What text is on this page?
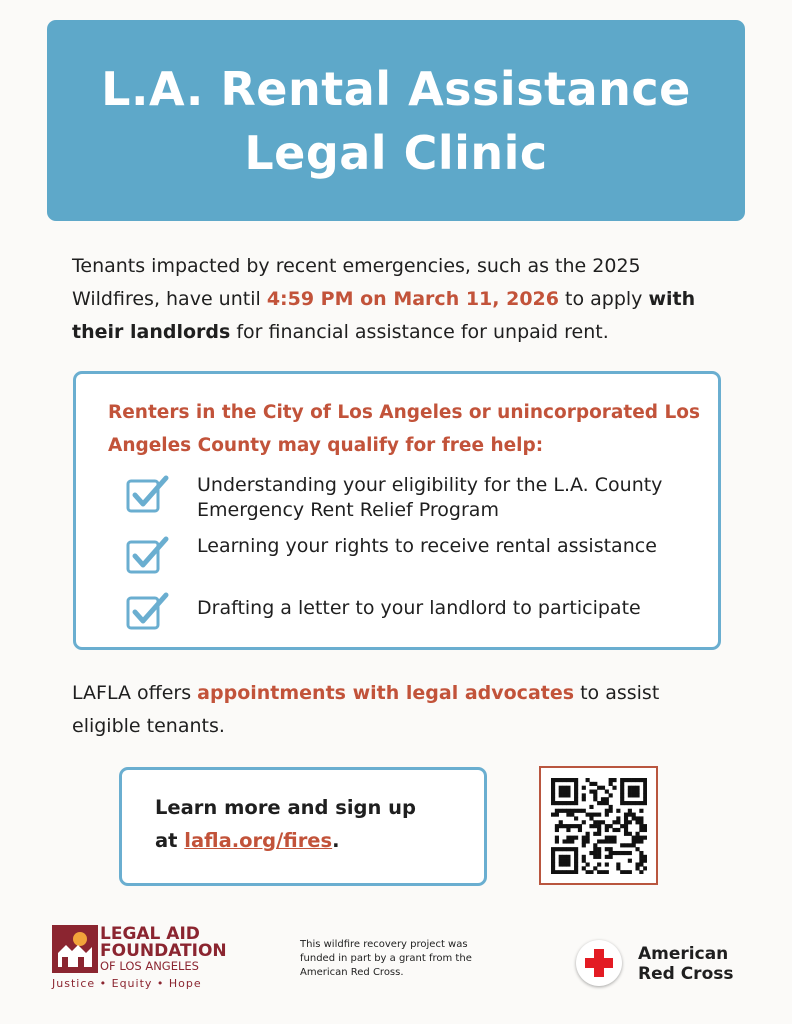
L.A. Rental Assistance
Legal Clinic
Tenants impacted by recent emergencies, such as the 2025 Wildfires, have until 4:59 PM on March 11, 2026 to apply with their landlords for financial assistance for unpaid rent.
Renters in the City of Los Angeles or unincorporated Los Angeles County may qualify for free help:
Understanding your eligibility for the L.A. County Emergency Rent Relief Program
Learning your rights to receive rental assistance
Drafting a letter to your landlord to participate
LAFLA offers appointments with legal advocates to assist eligible tenants.
Learn more and sign up
at lafla.org/fires.
LEGAL AID
FOUNDATION
OF LOS ANGELES
Justice • Equity • Hope
This wildfire recovery project was funded in part by a grant from the American Red Cross.
American
Red Cross
